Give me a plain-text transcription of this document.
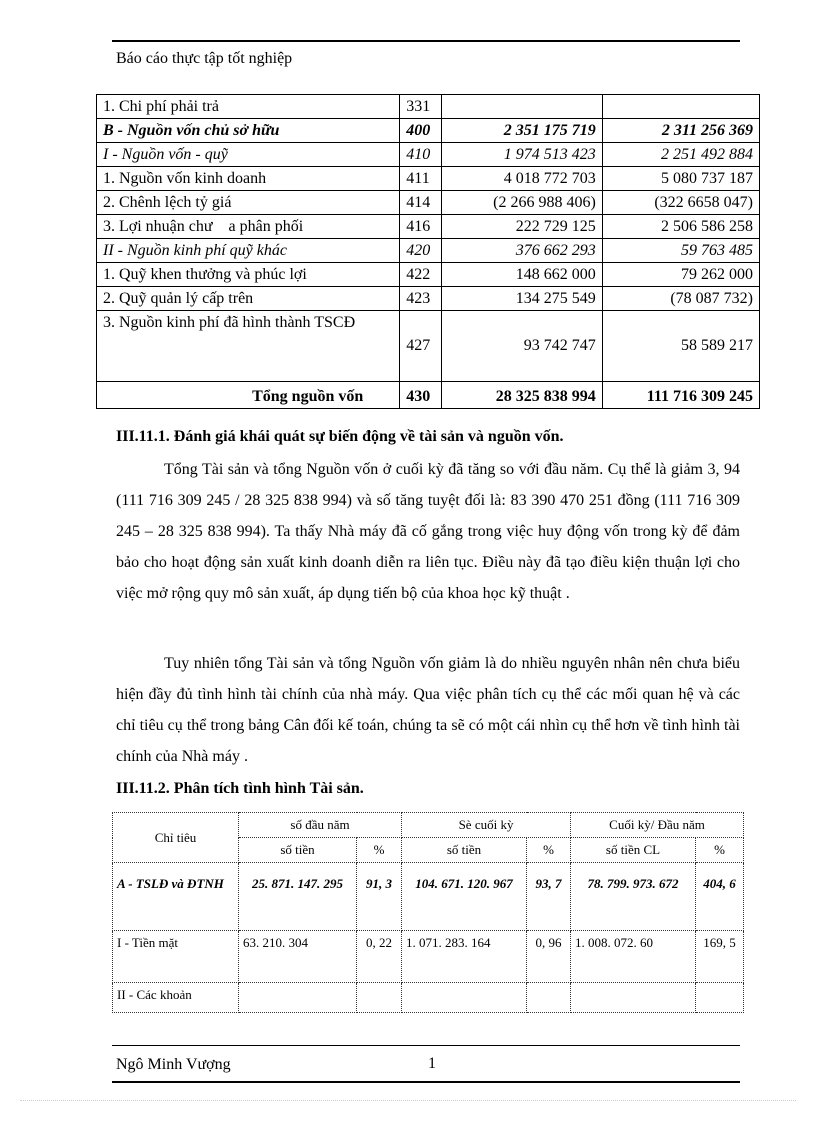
Báo cáo thực tập tốt nghiệp
1. Chi phí phải trả	331		
B - Nguồn vốn chủ sở hữu	400	2 351 175 719	2 311 256 369
I - Nguồn vốn - quỹ	410	1 974 513 423	2 251 492 884
1. Nguồn vốn kinh doanh	411	4 018 772 703	5 080 737 187
2. Chênh lệch tỷ giá	414	(2 266 988 406)	(322 6658 047)
3. Lợi nhuận chư    a phân phối	416	222 729 125	2 506 586 258
II - Nguồn kinh phí quỹ khác	420	376 662 293	59 763 485
1. Quỹ khen thưởng và phúc lợi	422	148 662 000	79 262 000
2. Quỹ quản lý cấp trên	423	134 275 549	(78 087 732)
3. Nguồn kinh phí đã hình thành TSCĐ	427	93 742 747	58 589 217

Tổng nguồn vốn	430	28 325 838 994	111 716 309 245
III.11.1. Đánh giá khái quát sự biến động về tài sản và nguồn vốn.
Tổng Tài sản và tổng Nguồn vốn ở cuối kỳ đã tăng so với đầu năm. Cụ thể là giảm 3, 94 (111 716 309 245 / 28 325 838 994) và số tăng tuyệt đối là: 83 390 470 251 đồng (111 716 309 245 – 28 325 838 994). Ta thấy Nhà máy đã cố gắng trong việc huy động vốn trong kỳ để đảm bảo cho hoạt động sản xuất kinh doanh diễn ra liên tục. Điều này đã tạo điều kiện thuận lợi cho việc mở rộng quy mô sản xuất, áp dụng tiến bộ của khoa học kỹ thuật .
Tuy nhiên tổng Tài sản và tổng Nguồn vốn giảm là do nhiều nguyên nhân nên chưa biểu hiện đầy đủ tình hình tài chính của nhà máy. Qua việc phân tích cụ thể các mối quan hệ và các chỉ tiêu cụ thể trong bảng Cân đối kế toán, chúng ta sẽ có một cái nhìn cụ thể hơn về tình hình tài chính của Nhà máy .
III.11.2. Phân tích tình hình Tài sản.
Chỉ tiêu	số đầu năm		Sè cuối kỳ		Cuối kỳ/ Đầu năm	
	số tiền	%	số tiền	%	số tiền CL	%
A - TSLĐ và ĐTNH	25. 871. 147. 295	91, 3	104. 671. 120. 967	93, 7	78. 799. 973. 672	404, 6
I - Tiền mặt	63. 210. 304	0, 22	1. 071. 283. 164	0, 96	1. 008. 072. 60	169, 5
II - Các khoản						
Ngô Minh Vượng	1
